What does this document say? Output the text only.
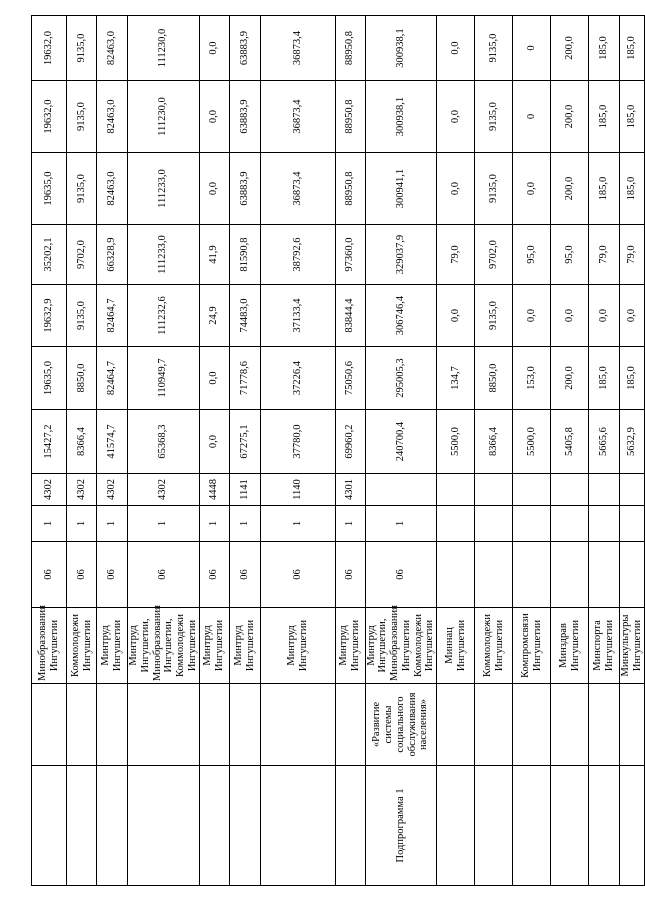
		Минобразования Ингушетии	06	1	4302	15427,2	19635,0	19632,9	35202,1	19635,0	19632,0	19632,0
		Коммолодежи Ингушетии	06	1	4302	8366,4	8850,0	9135,0	9702,0	9135,0	9135,0	9135,0
		Минтруд Ингушетии	06	1	4302	41574,7	82464,7	82464,7	66328,9	82463,0	82463,0	82463,0
		Минтруд Ингушетии, Минобразования Ингушетии, Коммолодежи Ингушетии	06	1	4302	65368,3	110949,7	111232,6	111233,0	111233,0	111230,0	111230,0
		Минтруд Ингушетии	06	1	4448	0,0	0,0	24,9	41,9	0,0	0,0	0,0
		Минтруд Ингушетии	06	1	1141	67275,1	71778,6	74483,0	81590,8	63883,9	63883,9	63883,9
		Минтруд Ингушетии	06	1	1140	37780,0	37226,4	37133,4	38792,6	36873,4	36873,4	36873,4
		Минтруд Ингушетии	06	1	4301	69960,2	75050,6	83844,4	97360,0	88950,8	88950,8	88950,8
Подпрограмма 1	«Развитие системы социального обслуживания населения»	Минтруд Ингушетии, Минобразования Ингушетии Коммолодежи Ингушетии	06	1		240700,4	295005,3	306746,4	329037,9	300941,1	300938,1	300938,1
		Миннац Ингушетии				5500,0	134,7	0,0	79,0	0,0	0,0	0,0
		Коммолодежи Ингушетии				8366,4	8850,0	9135,0	9702,0	9135,0	9135,0	9135,0
		Компромсвязи Ингушетии				5500,0	153,0	0,0	95,0	0,0	0	0
		Минздрав Ингушетии				5405,8	200,0	0,0	95,0	200,0	200,0	200,0
		Минспорта Ингушетии				5665,6	185,0	0,0	79,0	185,0	185,0	185,0
		Минкультуры Ингушетии				5632,9	185,0	0,0	79,0	185,0	185,0	185,0
